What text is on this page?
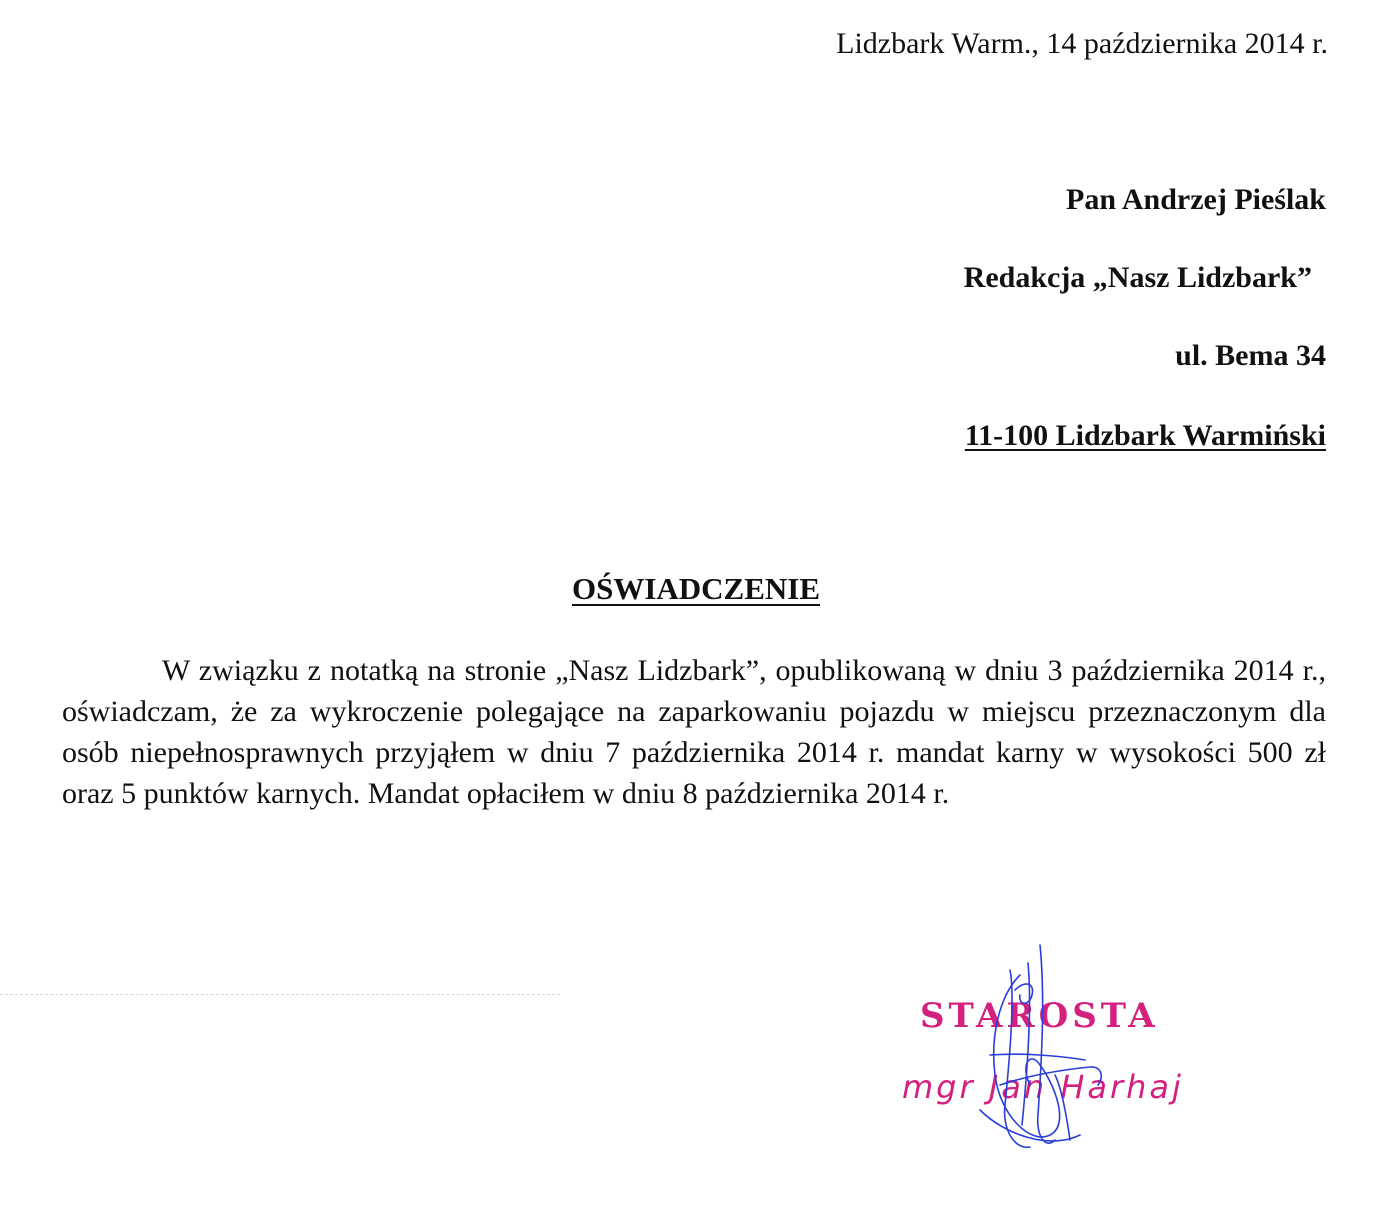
Lidzbark Warm., 14 października 2014 r.
Pan Andrzej Pieślak
Redakcja „Nasz Lidzbark”
ul. Bema 34
11-100 Lidzbark Warmiński
OŚWIADCZENIE

W związku z notatką na stronie „Nasz Lidzbark”, opublikowaną w dniu 3 października 2014 r., oświadczam, że za wykroczenie polegające na zaparkowaniu pojazdu w miejscu przeznaczonym dla osób niepełnosprawnych przyjąłem w dniu 7 października 2014 r. mandat karny w wysokości 500 zł oraz 5 punktów karnych. Mandat opłaciłem w dniu 8 października 2014 r.

STAROSTA
mgr Jan Harhaj
